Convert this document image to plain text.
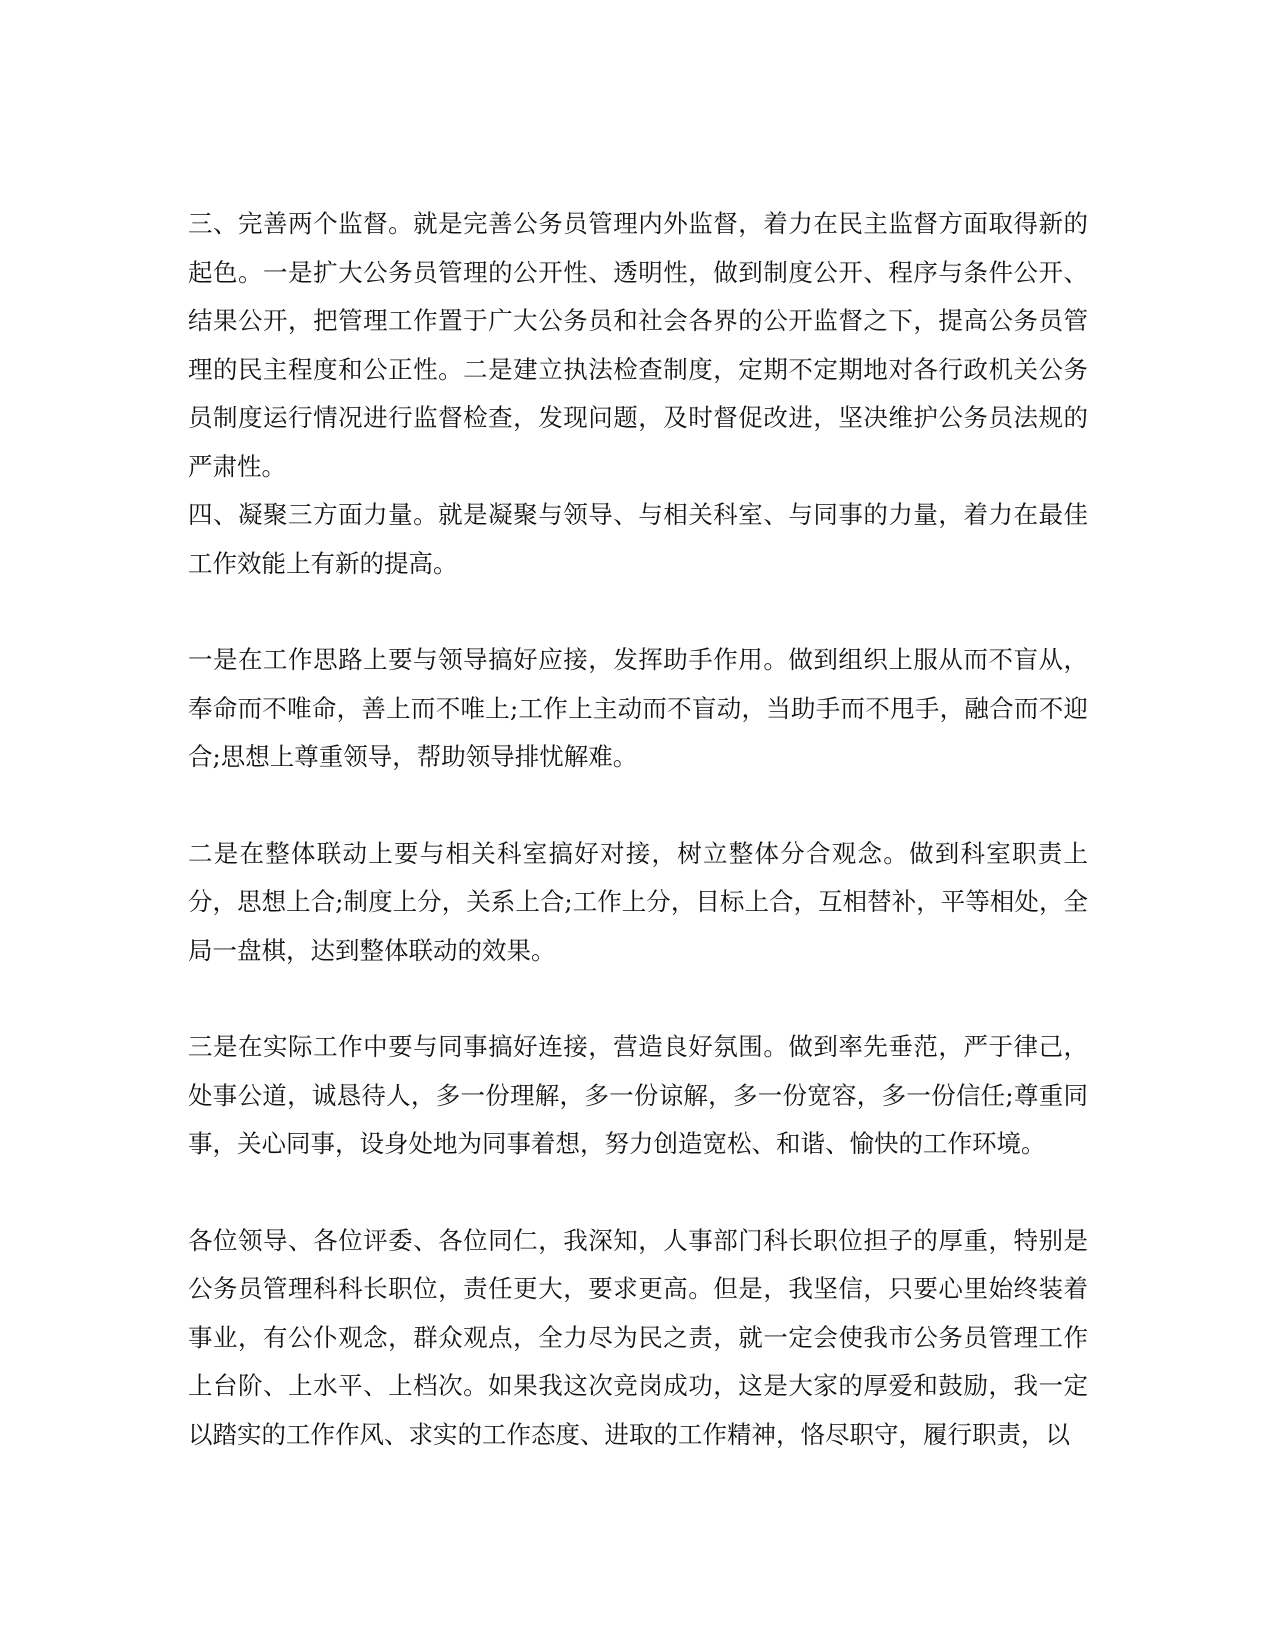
三、完善两个监督。就是完善公务员管理内外监督，着力在民主监督方面取得新的起色。一是扩大公务员管理的公开性、透明性，做到制度公开、程序与条件公开、结果公开，把管理工作置于广大公务员和社会各界的公开监督之下，提高公务员管理的民主程度和公正性。二是建立执法检查制度，定期不定期地对各行政机关公务员制度运行情况进行监督检查，发现问题，及时督促改进，坚决维护公务员法规的严肃性。

四、凝聚三方面力量。就是凝聚与领导、与相关科室、与同事的力量，着力在最佳工作效能上有新的提高。

一是在工作思路上要与领导搞好应接，发挥助手作用。做到组织上服从而不盲从，奉命而不唯命，善上而不唯上;工作上主动而不盲动，当助手而不甩手，融合而不迎合;思想上尊重领导，帮助领导排忧解难。

二是在整体联动上要与相关科室搞好对接，树立整体分合观念。做到科室职责上分，思想上合;制度上分，关系上合;工作上分，目标上合，互相替补，平等相处，全局一盘棋，达到整体联动的效果。

三是在实际工作中要与同事搞好连接，营造良好氛围。做到率先垂范，严于律己，处事公道，诚恳待人，多一份理解，多一份谅解，多一份宽容，多一份信任;尊重同事，关心同事，设身处地为同事着想，努力创造宽松、和谐、愉快的工作环境。

各位领导、各位评委、各位同仁，我深知，人事部门科长职位担子的厚重，特别是公务员管理科科长职位，责任更大，要求更高。但是，我坚信，只要心里始终装着事业，有公仆观念，群众观点，全力尽为民之责，就一定会使我市公务员管理工作上台阶、上水平、上档次。如果我这次竞岗成功，这是大家的厚爱和鼓励，我一定以踏实的工作作风、求实的工作态度、进取的工作精神，恪尽职守，履行职责，以
